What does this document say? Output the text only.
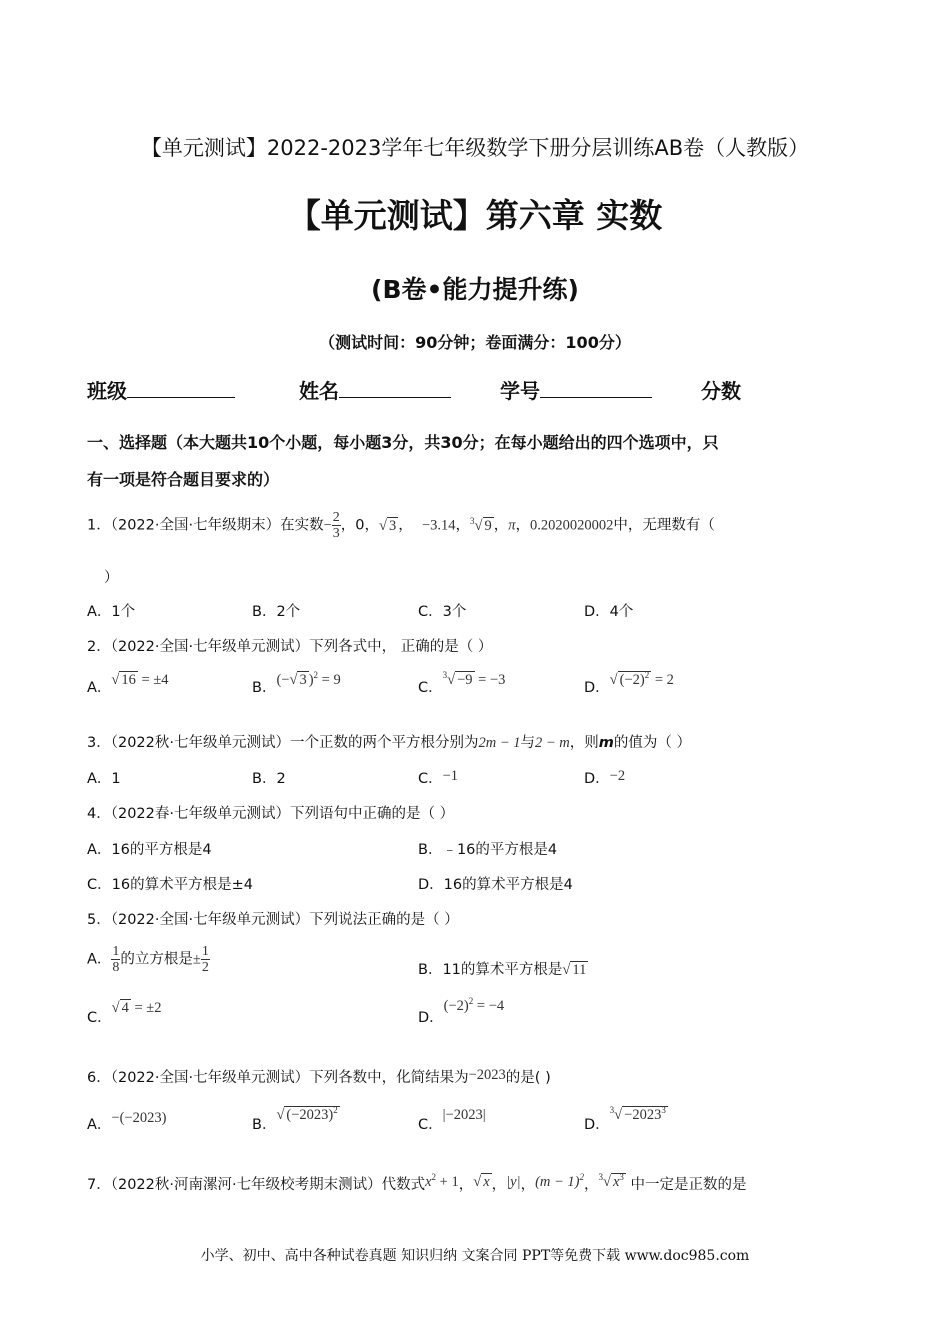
【单元测试】2022-2023学年七年级数学下册分层训练AB卷（人教版）
【单元测试】第六章 实数
(B卷•能力提升练)
（测试时间：90分钟；卷面满分：100分）
班级	姓名	学号	分数
一、选择题（本大题共10个小题，每小题3分，共30分；在每小题给出的四个选项中，只
有一项是符合题目要求的）
1．（2022·全国·七年级期末）在实数− $\frac{2}{3}$ ，0，√ 3 ， −3.14，$^3$√ 9 ，π，0.2020020002中，无理数有（
）
A．1个	B．2个	C．3个	D．4个
2．（2022·全国·七年级单元测试）下列各式中， 正确的是（ ）
A．√ 16 = ±4	B．(−√ 3 )$^2$ = 9	C．$^3$√ −9 = −3	D．√ $(-2)^2 = 2$
3．（2022秋·七年级单元测试）一个正数的两个平方根分别为2m − 1与2 − m，则m的值为（ ）
A．1	B．2	C．−1	D．−2
4．（2022春·七年级单元测试）下列语句中正确的是（ ）
A．16的平方根是4	B．﹣16的平方根是4
C．16的算术平方根是±4	D．16的算术平方根是4
5．（2022·全国·七年级单元测试）下列说法正确的是（ ）
A． $\frac{1}{8}$ 的立方根是± $\frac{1}{2}$	B．11的算术平方根是√ 11
C．√ 4 = ±2
D．$(-2)^2 = -4$
6．（2022·全国·七年级单元测试）下列各数中，化简结果为−2023的是( )
A．−(−2023)	B．√ $(-2023)^2$
C．|−2023|
D．$^3√ -2023^3$
7．（2022秋·河南漯河·七年级校考期末测试）代数式$x^2 + 1$，√ x ，|y|，$(m - 1)^2$，$^3$√ $x^3$ 中一定是正数的是
小学、初中、高中各种试卷真题 知识归纳 文案合同 PPT等免费下载 www.doc985.com
